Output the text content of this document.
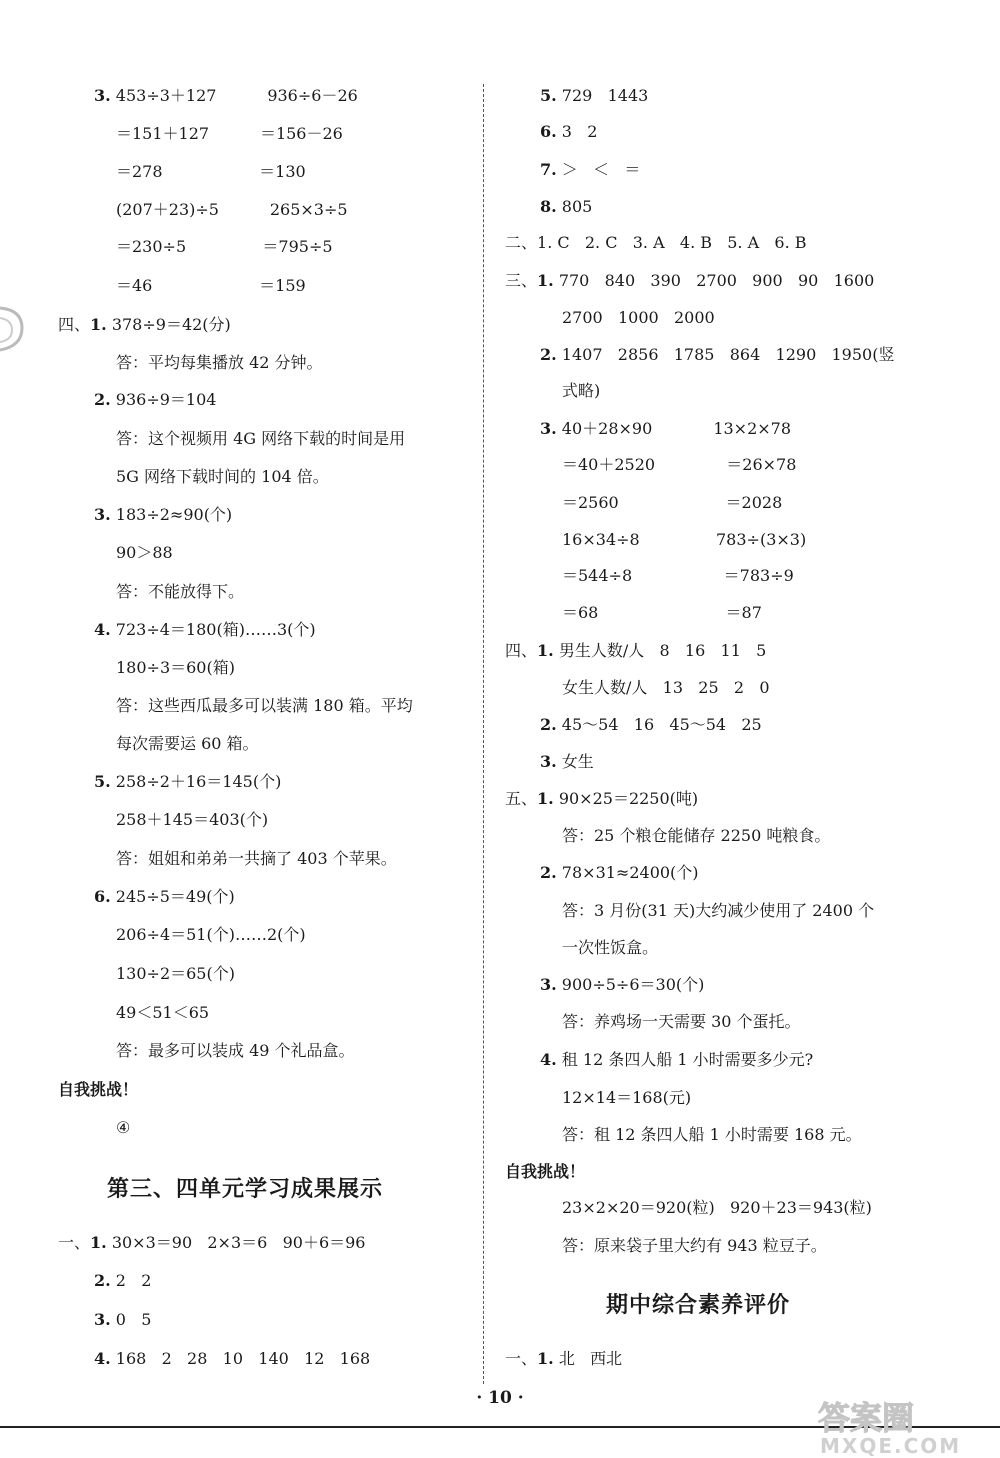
3. 453÷3＋127          936÷6－26
＝151＋127          ＝156－26
＝278                   ＝130
(207＋23)÷5          265×3÷5
＝230÷5               ＝795÷5
＝46                     ＝159
四、1. 378÷9＝42(分)
答：平均每集播放 42 分钟。
2. 936÷9＝104
答：这个视频用 4G 网络下载的时间是用
5G 网络下载时间的 104 倍。
3. 183÷2≈90(个)
90＞88
答：不能放得下。
4. 723÷4＝180(箱)……3(个)
180÷3＝60(箱)
答：这些西瓜最多可以装满 180 箱。平均
每次需要运 60 箱。
5. 258÷2＋16＝145(个)
258＋145＝403(个)
答：姐姐和弟弟一共摘了 403 个苹果。
6. 245÷5＝49(个)
206÷4＝51(个)……2(个)
130÷2＝65(个)
49＜51＜65
答：最多可以装成 49 个礼品盒。
自我挑战！
④
一、1. 30×3＝90   2×3＝6   90＋6＝96
2. 2   2
3. 0   5
4. 168   2   28   10   140   12   168
5. 729   1443
6. 3   2
7. ＞   ＜   ＝
8. 805
二、1. C   2. C   3. A   4. B   5. A   6. B
三、1. 770   840   390   2700   900   90   1600
2700   1000   2000
2. 1407   2856   1785   864   1290   1950(竖
式略)
3. 40＋28×90            13×2×78
＝40＋2520              ＝26×78
＝2560                     ＝2028
16×34÷8               783÷(3×3)
＝544÷8                  ＝783÷9
＝68                         ＝87
四、1. 男生人数/人   8   16   11   5
女生人数/人   13   25   2   0
2. 45～54   16   45～54   25
3. 女生
五、1. 90×25＝2250(吨)
答：25 个粮仓能储存 2250 吨粮食。
2. 78×31≈2400(个)
答：3 月份(31 天)大约减少使用了 2400 个
一次性饭盒。
3. 900÷5÷6＝30(个)
答：养鸡场一天需要 30 个蛋托。
4. 租 12 条四人船 1 小时需要多少元?
12×14＝168(元)
答：租 12 条四人船 1 小时需要 168 元。
自我挑战！
23×2×20＝920(粒)   920＋23＝943(粒)
答：原来袋子里大约有 943 粒豆子。
一、1. 北   西北
第三、四单元学习成果展示
期中综合素养评价
· 10 ·
答案圈
MXQE.COM
